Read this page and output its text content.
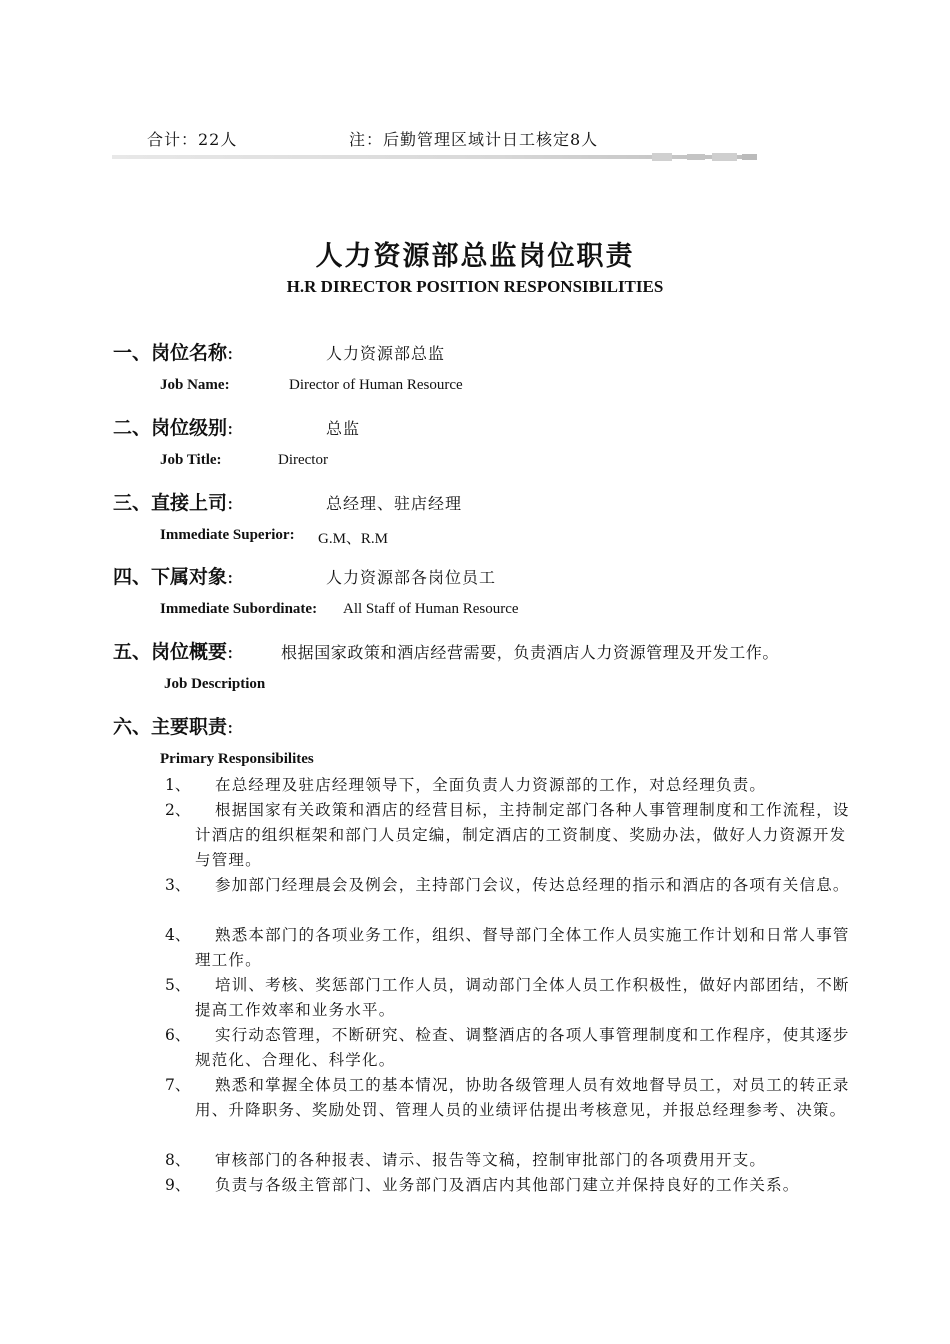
合计：22人	注：后勤管理区域计日工核定8人
人力资源部总监岗位职责
H.R DIRECTOR POSITION RESPONSIBILITIES
一、岗位名称:	人力资源部总监
Job Name:	Director of Human Resource
二、岗位级别:	总监
Job Title:	Director
三、直接上司:	总经理、驻店经理
Immediate Superior: G.M、R.M
四、下属对象:	人力资源部各岗位员工
Immediate Subordinate: All Staff of Human Resource
五、岗位概要:	根据国家政策和酒店经营需要，负责酒店人力资源管理及开发工作。
Job Description
六、主要职责:
Primary Responsibilites
1、	在总经理及驻店经理领导下，全面负责人力资源部的工作，对总经理负责。
2、	根据国家有关政策和酒店的经营目标，主持制定部门各种人事管理制度和工作流程，设计酒店的组织框架和部门人员定编，制定酒店的工资制度、奖励办法，做好人力资源开发与管理。
3、	参加部门经理晨会及例会，主持部门会议，传达总经理的指示和酒店的各项有关信息。
4、	熟悉本部门的各项业务工作，组织、督导部门全体工作人员实施工作计划和日常人事管理工作。
5、	培训、考核、奖惩部门工作人员，调动部门全体人员工作积极性，做好内部团结，不断提高工作效率和业务水平。
6、	实行动态管理，不断研究、检查、调整酒店的各项人事管理制度和工作程序，使其逐步规范化、合理化、科学化。
7、	熟悉和掌握全体员工的基本情况，协助各级管理人员有效地督导员工，对员工的转正录用、升降职务、奖励处罚、管理人员的业绩评估提出考核意见，并报总经理参考、决策。
8、	审核部门的各种报表、请示、报告等文稿，控制审批部门的各项费用开支。
9、	负责与各级主管部门、业务部门及酒店内其他部门建立并保持良好的工作关系。
